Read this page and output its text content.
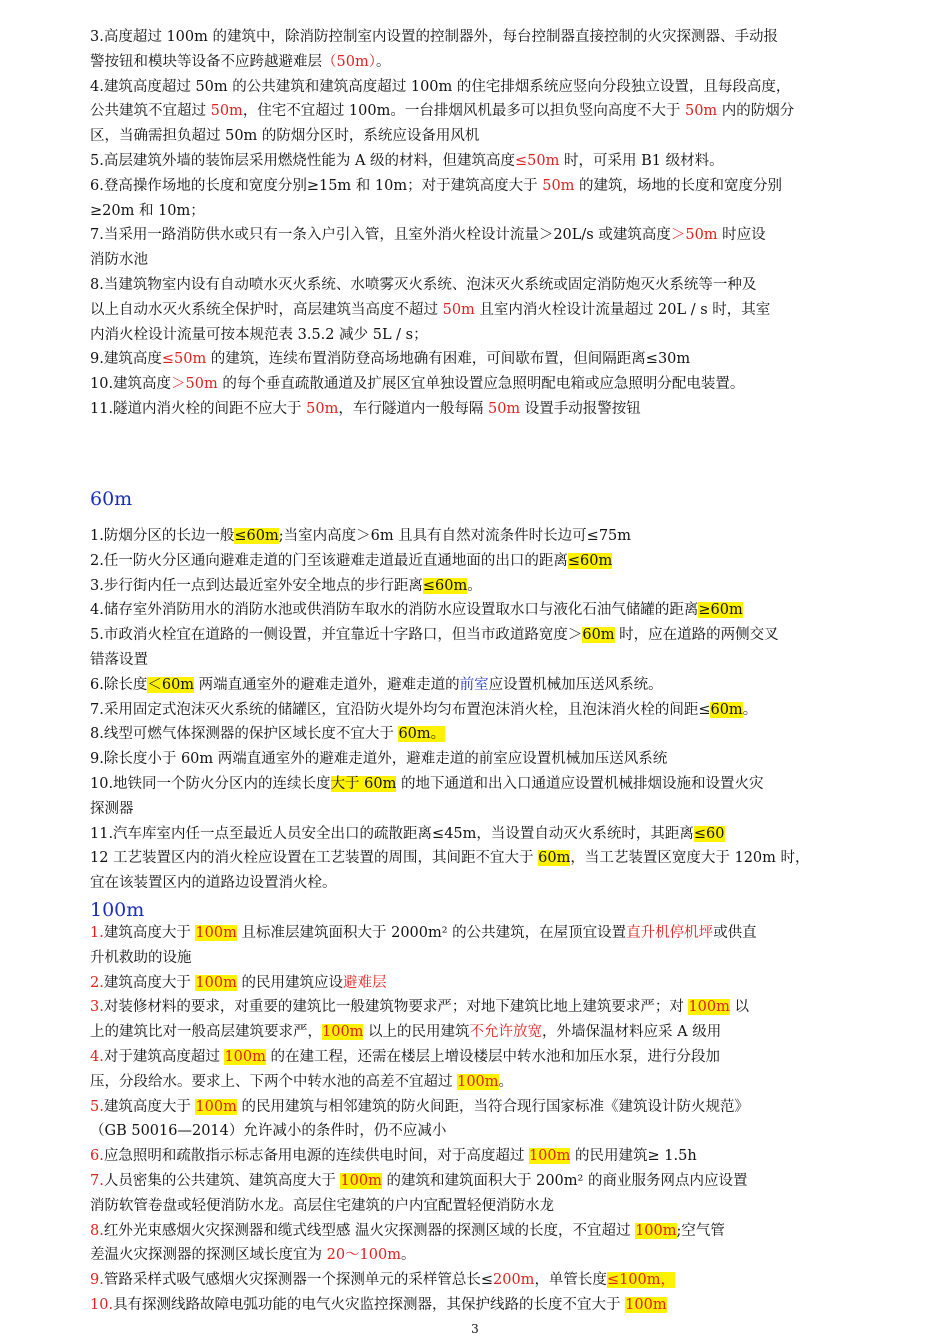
3.高度超过 100m 的建筑中，除消防控制室内设置的控制器外，每台控制器直接控制的火灾探测器、手动报
警按钮和模块等设备不应跨越避难层（50m）。
4.建筑高度超过 50m 的公共建筑和建筑高度超过 100m 的住宅排烟系统应竖向分段独立设置，且每段高度，
公共建筑不宜超过 50m，住宅不宜超过 100m。一台排烟风机最多可以担负竖向高度不大于 50m 内的防烟分
区，当确需担负超过 50m 的防烟分区时，系统应设备用风机
5.高层建筑外墙的装饰层采用燃烧性能为 A 级的材料，但建筑高度≤50m 时，可采用 B1 级材料。
6.登高操作场地的长度和宽度分别≥15m 和 10m；对于建筑高度大于 50m 的建筑，场地的长度和宽度分别
≥20m 和 10m；
7.当采用一路消防供水或只有一条入户引入管，且室外消火栓设计流量＞20L/s 或建筑高度＞50m 时应设
消防水池
8.当建筑物室内设有自动喷水灭火系统、水喷雾灭火系统、泡沫灭火系统或固定消防炮灭火系统等一种及
以上自动水灭火系统全保护时，高层建筑当高度不超过 50m 且室内消火栓设计流量超过 20L / s 时，其室
内消火栓设计流量可按本规范表 3.5.2 减少 5L / s；
9.建筑高度≤50m 的建筑，连续布置消防登高场地确有困难，可间歇布置，但间隔距离≤30m
10.建筑高度＞50m 的每个垂直疏散通道及扩展区宜单独设置应急照明配电箱或应急照明分配电装置。
11.隧道内消火栓的间距不应大于 50m，车行隧道内一般每隔 50m 设置手动报警按钮
60m
1.防烟分区的长边一般≤60m;当室内高度＞6m 且具有自然对流条件时长边可≤75m
2.任一防火分区通向避难走道的门至该避难走道最近直通地面的出口的距离≤60m
3.步行街内任一点到达最近室外安全地点的步行距离≤60m。
4.储存室外消防用水的消防水池或供消防车取水的消防水应设置取水口与液化石油气储罐的距离≥60m
5.市政消火栓宜在道路的一侧设置，并宜靠近十字路口，但当市政道路宽度＞60m 时，应在道路的两侧交叉
错落设置
6.除长度＜60m 两端直通室外的避难走道外，避难走道的前室应设置机械加压送风系统。
7.采用固定式泡沫灭火系统的储罐区，宜沿防火堤外均匀布置泡沫消火栓，且泡沫消火栓的间距≤60m。
8.线型可燃气体探测器的保护区域长度不宜大于 60m。
9.除长度小于 60m 两端直通室外的避难走道外，避难走道的前室应设置机械加压送风系统
10.地铁同一个防火分区内的连续长度大于 60m 的地下通道和出入口通道应设置机械排烟设施和设置火灾
探测器
11.汽车库室内任一点至最近人员安全出口的疏散距离≤45m，当设置自动灭火系统时，其距离≤60
12 工艺装置区内的消火栓应设置在工艺装置的周围，其间距不宜大于 60m，当工艺装置区宽度大于 120m 时，
宜在该装置区内的道路边设置消火栓。
100m
1.建筑高度大于 100m 且标准层建筑面积大于 2000m² 的公共建筑，在屋顶宜设置直升机停机坪或供直
升机救助的设施
2.建筑高度大于 100m 的民用建筑应设避难层
3.对装修材料的要求，对重要的建筑比一般建筑物要求严；对地下建筑比地上建筑要求严；对 100m 以
上的建筑比对一般高层建筑要求严，100m 以上的民用建筑不允许放宽，外墙保温材料应采 A 级用
4.对于建筑高度超过 100m 的在建工程，还需在楼层上增设楼层中转水池和加压水泵，进行分段加
压，分段给水。要求上、下两个中转水池的高差不宜超过 100m。
5.建筑高度大于 100m 的民用建筑与相邻建筑的防火间距，当符合现行国家标准《建筑设计防火规范》
（GB 50016—2014）允许减小的条件时，仍不应减小
6.应急照明和疏散指示标志备用电源的连续供电时间，对于高度超过 100m 的民用建筑≥ 1.5h
7.人员密集的公共建筑、建筑高度大于 100m 的建筑和建筑面积大于 200m² 的商业服务网点内应设置
消防软管卷盘或轻便消防水龙。高层住宅建筑的户内宜配置轻便消防水龙
8.红外光束感烟火灾探测器和缆式线型感 温火灾探测器的探测区域的长度，不宜超过 100m;空气管
差温火灾探测器的探测区域长度宜为 20～100m。
9.管路采样式吸气感烟火灾探测器一个探测单元的采样管总长≤200m，单管长度≤100m，
10.具有探测线路故障电弧功能的电气火灾监控探测器，其保护线路的长度不宜大于 100m
3
